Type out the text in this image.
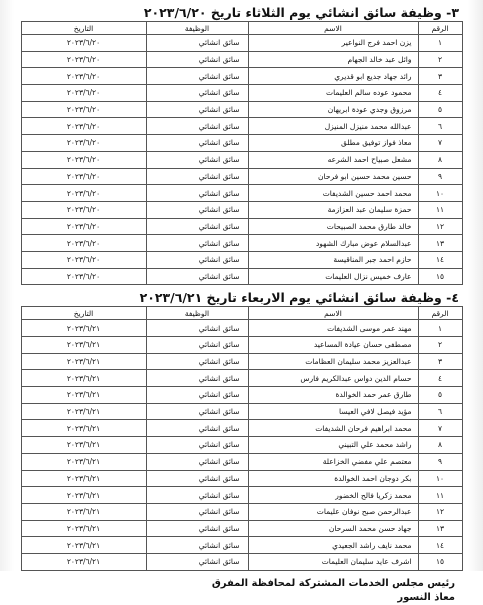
٣- وظيفة سائق انشائي يوم الثلاثاء تاريخ ٢٠٢٣/٦/٢٠
الرقم	الاسم	الوظيفة	التاريخ
١	يزن احمد فرج النواعير	سائق انشائي	٢٠٢٣/٦/٢٠
٢	وائل عبد خالد الجهام	سائق انشائي	٢٠٢٣/٦/٢٠
٣	رائد جهاد جديع ابو قديري	سائق انشائي	٢٠٢٣/٦/٢٠
٤	محمود عوده سالم العليمات	سائق انشائي	٢٠٢٣/٦/٢٠
٥	مرزوق وجدي عودة ابريهان	سائق انشائي	٢٠٢٣/٦/٢٠
٦	عبدالله محمد منيزل المنيزل	سائق انشائي	٢٠٢٣/٦/٢٠
٧	معاذ فواز توفيق مطلق	سائق انشائي	٢٠٢٣/٦/٢٠
٨	مشعل صبياح احمد الشرعه	سائق انشائي	٢٠٢٣/٦/٢٠
٩	حسين محمد حسين ابو فرحان	سائق انشائي	٢٠٢٣/٦/٢٠
١٠	محمد احمد حسين الشديفات	سائق انشائي	٢٠٢٣/٦/٢٠
١١	حمزة سليمان عبد العزازمة	سائق انشائي	٢٠٢٣/٦/٢٠
١٢	خالد طارق محمد الصبيحات	سائق انشائي	٢٠٢٣/٦/٢٠
١٣	عبدالسلام عوض مبارك الشهود	سائق انشائي	٢٠٢٣/٦/٢٠
١٤	حازم احمد جبر المناقيسة	سائق انشائي	٢٠٢٣/٦/٢٠
١٥	عارف خميس نزال العليمات	سائق انشائي	٢٠٢٣/٦/٢٠
٤- وظيفة سائق انشائي يوم الاربعاء تاريخ ٢٠٢٣/٦/٢١
الرقم	الاسم	الوظيفة	التاريخ
١	مهند عمر موسى الشديفات	سائق انشائي	٢٠٢٣/٦/٢١
٢	مصطفى حسان عيادة المساعيد	سائق انشائي	٢٠٢٣/٦/٢١
٣	عبدالعزيز محمد سليمان العظامات	سائق انشائي	٢٠٢٣/٦/٢١
٤	حسام الدين دواس عبدالكريم فارس	سائق انشائي	٢٠٢٣/٦/٢١
٥	طارق عمر حمد الخوالدة	سائق انشائي	٢٠٢٣/٦/٢١
٦	مؤيد فيصل لافي العيسا	سائق انشائي	٢٠٢٣/٦/٢١
٧	محمد ابراهيم فرحان الشديفات	سائق انشائي	٢٠٢٣/٦/٢١
٨	راشد محمد علي التبيني	سائق انشائي	٢٠٢٣/٦/٢١
٩	معتصم علي مفضي الخزاعلة	سائق انشائي	٢٠٢٣/٦/٢١
١٠	بكر دوجان احمد الخوالدة	سائق انشائي	٢٠٢٣/٦/٢١
١١	محمد زكريا فالح الخضور	سائق انشائي	٢٠٢٣/٦/٢١
١٢	عبدالرحمن صبح نوفان عليمات	سائق انشائي	٢٠٢٣/٦/٢١
١٣	جهاد حسن محمد السرحان	سائق انشائي	٢٠٢٣/٦/٢١
١٤	محمد نايف راشد الجعيدي	سائق انشائي	٢٠٢٣/٦/٢١
١٥	اشرف عايد سليمان العليمات	سائق انشائي	٢٠٢٣/٦/٢١
رئيس مجلس الخدمات المشتركة لمحافظة المفرق
معاذ النسور
